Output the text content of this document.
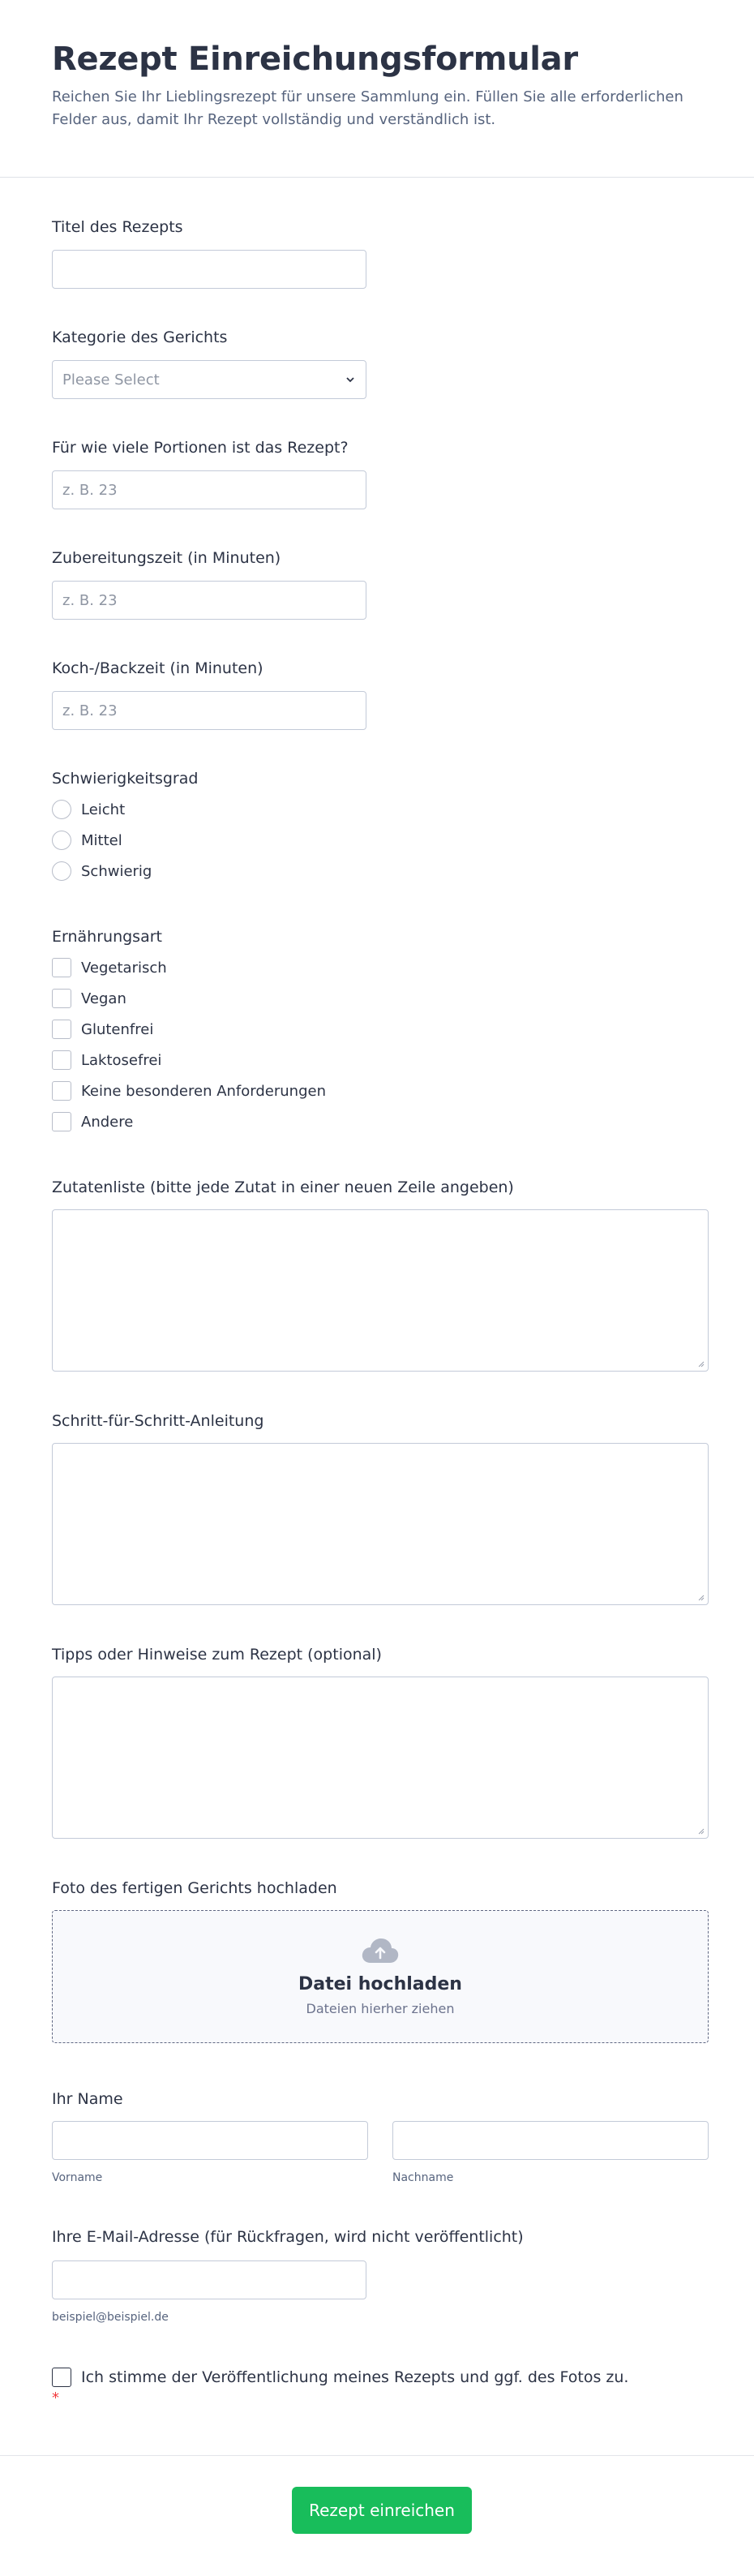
Rezept Einreichungsformular

Reichen Sie Ihr Lieblingsrezept für unsere Sammlung ein. Füllen Sie alle erforderlichen Felder aus, damit Ihr Rezept vollständig und verständlich ist.

Titel des Rezepts
Kategorie des Gerichts
Please Select
Für wie viele Portionen ist das Rezept?
z. B. 23
Zubereitungszeit (in Minuten)
z. B. 23
Koch-/Backzeit (in Minuten)
z. B. 23
Schwierigkeitsgrad
Leicht
Mittel
Schwierig
Ernährungsart
Vegetarisch
Vegan
Glutenfrei
Laktosefrei
Keine besonderen Anforderungen
Andere
Zutatenliste (bitte jede Zutat in einer neuen Zeile angeben)
Schritt-für-Schritt-Anleitung
Tipps oder Hinweise zum Rezept (optional)
Foto des fertigen Gerichts hochladen
Datei hochladen
Dateien hierher ziehen
Ihr Name
Vorname	Nachname
Ihre E-Mail-Adresse (für Rückfragen, wird nicht veröffentlicht)
beispiel@beispiel.de
Ich stimme der Veröffentlichung meines Rezepts und ggf. des Fotos zu.
*
Rezept einreichen
